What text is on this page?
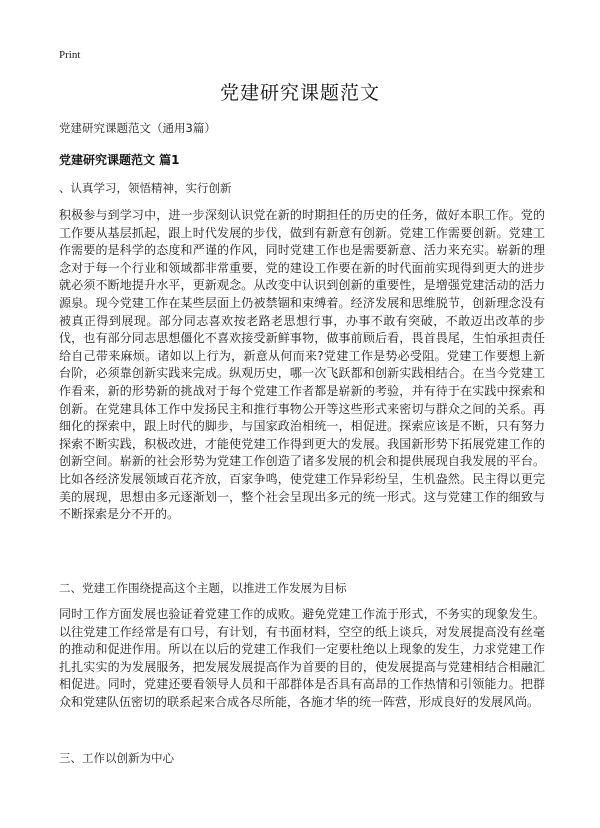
Print
党建研究课题范文
党建研究课题范文（通用3篇）
党建研究课题范文 篇1
、认真学习，领悟精神，实行创新

积极参与到学习中，进一步深刻认识党在新的时期担任的历史的任务，做好本职工作。党的工作要从基层抓起，跟上时代发展的步伐，做到有新意有创新。党建工作需要创新。党建工作需要的是科学的态度和严谨的作风，同时党建工作也是需要新意、活力来充实。崭新的理念对于每一个行业和领域都非常重要，党的建设工作要在新的时代面前实现得到更大的进步就必须不断地提升水平，更新观念。从改变中认识到创新的重要性，是增强党建活动的活力源泉。现今党建工作在某些层面上仍被禁锢和束缚着。经济发展和思维脱节，创新理念没有被真正得到展现。部分同志喜欢按老路老思想行事，办事不敢有突破，不敢迈出改革的步伐，也有部分同志思想僵化不喜欢接受新鲜事物，做事前顾后看，畏首畏尾，生怕承担责任给自己带来麻烦。诸如以上行为，新意从何而来?党建工作是势必受阻。党建工作要想上新台阶，必须靠创新实践来完成。纵观历史，哪一次飞跃都和创新实践相结合。在当今党建工作看来，新的形势新的挑战对于每个党建工作者都是崭新的考验，并有待于在实践中探索和创新。在党建具体工作中发扬民主和推行事物公开等这些形式来密切与群众之间的关系。再细化的探索中，跟上时代的脚步，与国家政治相统一，相促进。探索应该是不断，只有努力探索不断实践，积极改进，才能使党建工作得到更大的发展。我国新形势下拓展党建工作的创新空间。崭新的社会形势为党建工作创造了诸多发展的机会和提供展现自我发展的平台。比如各经济发展领域百花齐放，百家争鸣，使党建工作异彩纷呈，生机盎然。民主得以更完美的展现，思想由多元逐渐划一，整个社会呈现出多元的统一形式。这与党建工作的细致与不断探索是分不开的。

二、党建工作围绕提高这个主题，以推进工作发展为目标

同时工作方面发展也验证着党建工作的成败。避免党建工作流于形式，不务实的现象发生。以往党建工作经常是有口号，有计划，有书面材料，空空的纸上谈兵，对发展提高没有丝毫的推动和促进作用。所以在以后的党建工作我们一定要杜绝以上现象的发生，力求党建工作扎扎实实的为发展服务，把发展发展提高作为首要的目的，使发展提高与党建相结合相融汇相促进。同时，党建还要看领导人员和干部群体是否具有高昂的工作热情和引领能力。把群众和党建队伍密切的联系起来合成各尽所能，各施才华的统一阵营，形成良好的发展风尚。

三、工作以创新为中心
